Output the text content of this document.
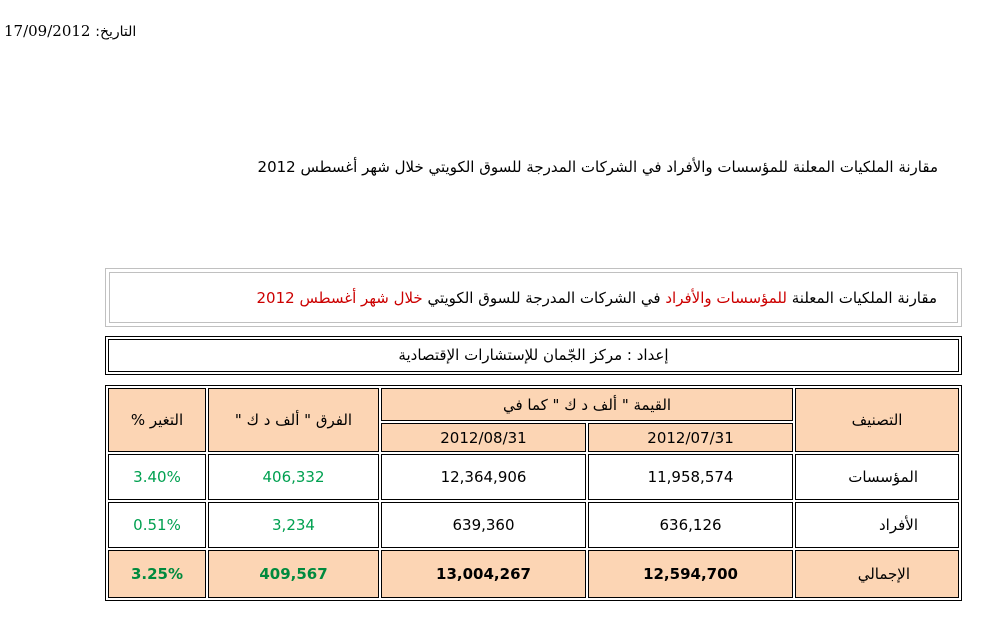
التاريخ: 17/09/2012
مقارنة الملكيات المعلنة للمؤسسات والأفراد في الشركات المدرجة للسوق الكويتي خلال شهر أغسطس 2012
مقارنة الملكيات المعلنة للمؤسسات والأفراد في الشركات المدرجة للسوق الكويتي خلال شهر أغسطس 2012
إعداد : مركز الجّمان للإستشارات الإقتصادية
التصنيف	القيمة " ألف د ك " كما في		الفرق " ألف د ك "	التغير %
	2012/07/31	2012/08/31		
المؤسسات	11,958,574	12,364,906	406,332	3.40%
الأفراد	636,126	639,360	3,234	0.51%
الإجمالي	12,594,700	13,004,267	409,567	3.25%
